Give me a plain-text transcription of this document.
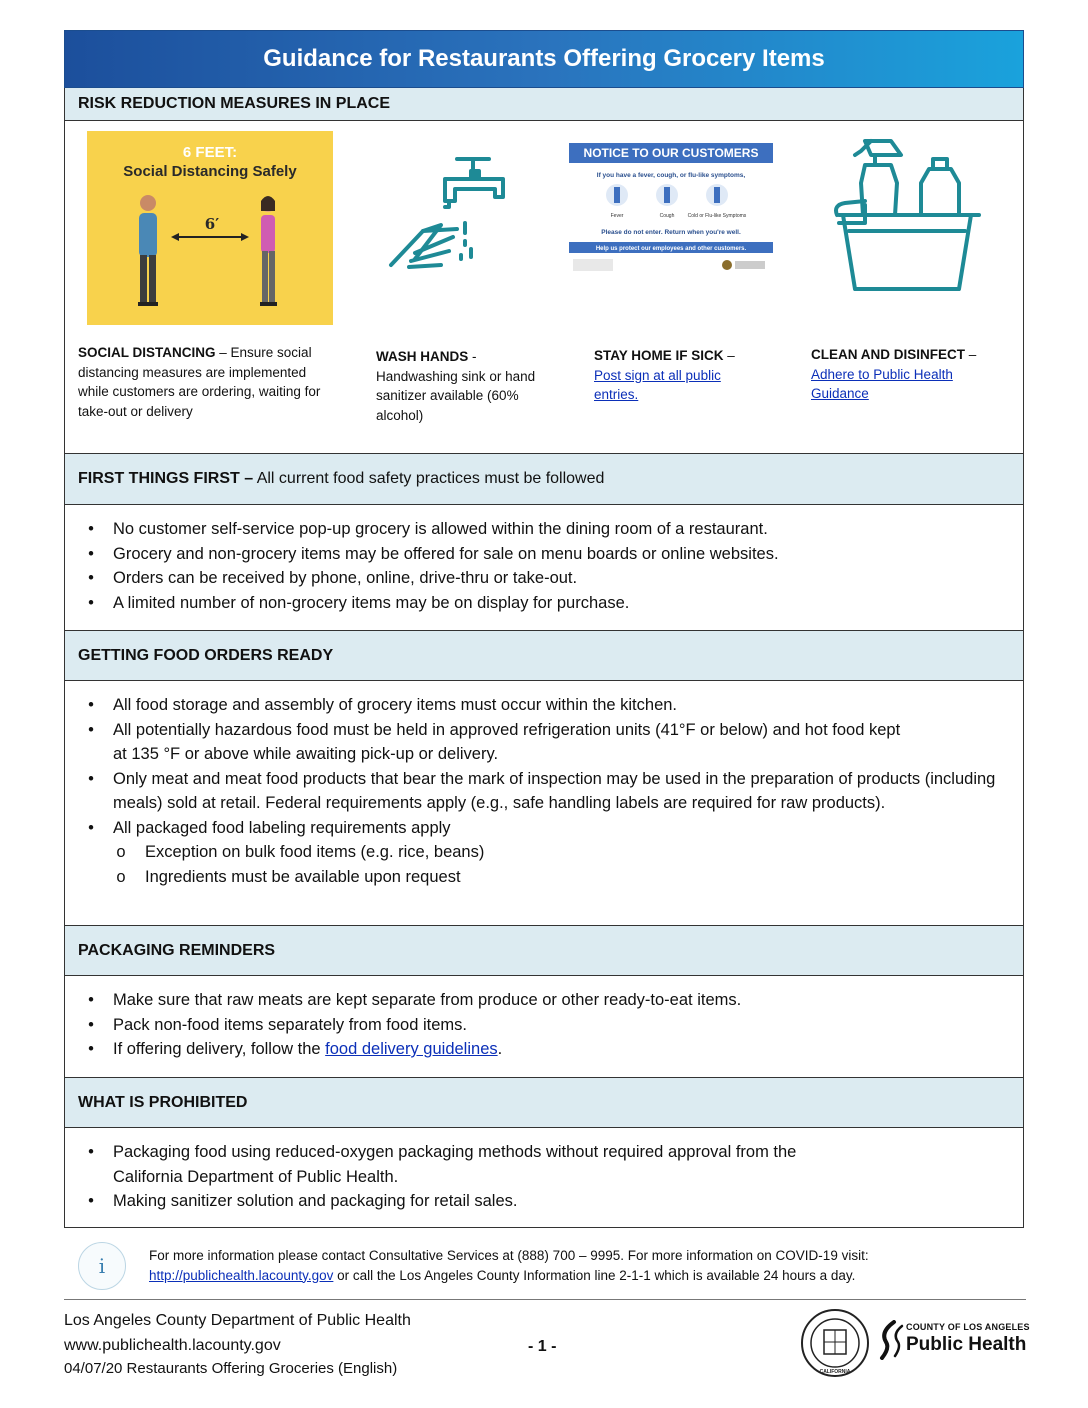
Guidance for Restaurants Offering Grocery Items
RISK REDUCTION MEASURES IN PLACE
6 FEET:
Social Distancing Safely
6′
NOTICE TO OUR CUSTOMERS
If you have a fever, cough, or flu-like symptoms,
Fever	Cough	Cold or Flu-like Symptoms
Please do not enter. Return when you're well.
Help us protect our employees and other customers.
SOCIAL DISTANCING – Ensure social distancing measures are implemented while customers are ordering, waiting for take-out or delivery
WASH HANDS - Handwashing sink or hand sanitizer available (60% alcohol)
STAY HOME IF SICK –
Post sign at all public entries.
CLEAN AND DISINFECT –
Adhere to Public Health Guidance
FIRST THINGS FIRST – All current food safety practices must be followed
•	No customer self-service pop-up grocery is allowed within the dining room of a restaurant.
•	Grocery and non-grocery items may be offered for sale on menu boards or online websites.
•	Orders can be received by phone, online, drive-thru or take-out.
•	A limited number of non-grocery items may be on display for purchase.
GETTING FOOD ORDERS READY
•	All food storage and assembly of grocery items must occur within the kitchen.
•	All potentially hazardous food must be held in approved refrigeration units (41°F or below) and hot food kept at 135 °F or above while awaiting pick-up or delivery.
•	Only meat and meat food products that bear the mark of inspection may be used in the preparation of products (including meals) sold at retail. Federal requirements apply (e.g., safe handling labels are required for raw products).
•	All packaged food labeling requirements apply
o Exception on bulk food items (e.g. rice, beans)
o Ingredients must be available upon request
PACKAGING REMINDERS
•	Make sure that raw meats are kept separate from produce or other ready-to-eat items.
•	Pack non-food items separately from food items.
•	If offering delivery, follow the food delivery guidelines.
WHAT IS PROHIBITED
•	Packaging food using reduced-oxygen packaging methods without required approval from the California Department of Public Health.
•	Making sanitizer solution and packaging for retail sales.
i	For more information please contact Consultative Services at (888) 700 – 9995. For more information on COVID-19 visit: http://publichealth.lacounty.gov or call the Los Angeles County Information line 2-1-1 which is available 24 hours a day.
Los Angeles County Department of Public Health
www.publichealth.lacounty.gov
04/07/20 Restaurants Offering Groceries (English)
- 1 -
CALIFORNIA
COUNTY OF LOS ANGELES
Public Health
